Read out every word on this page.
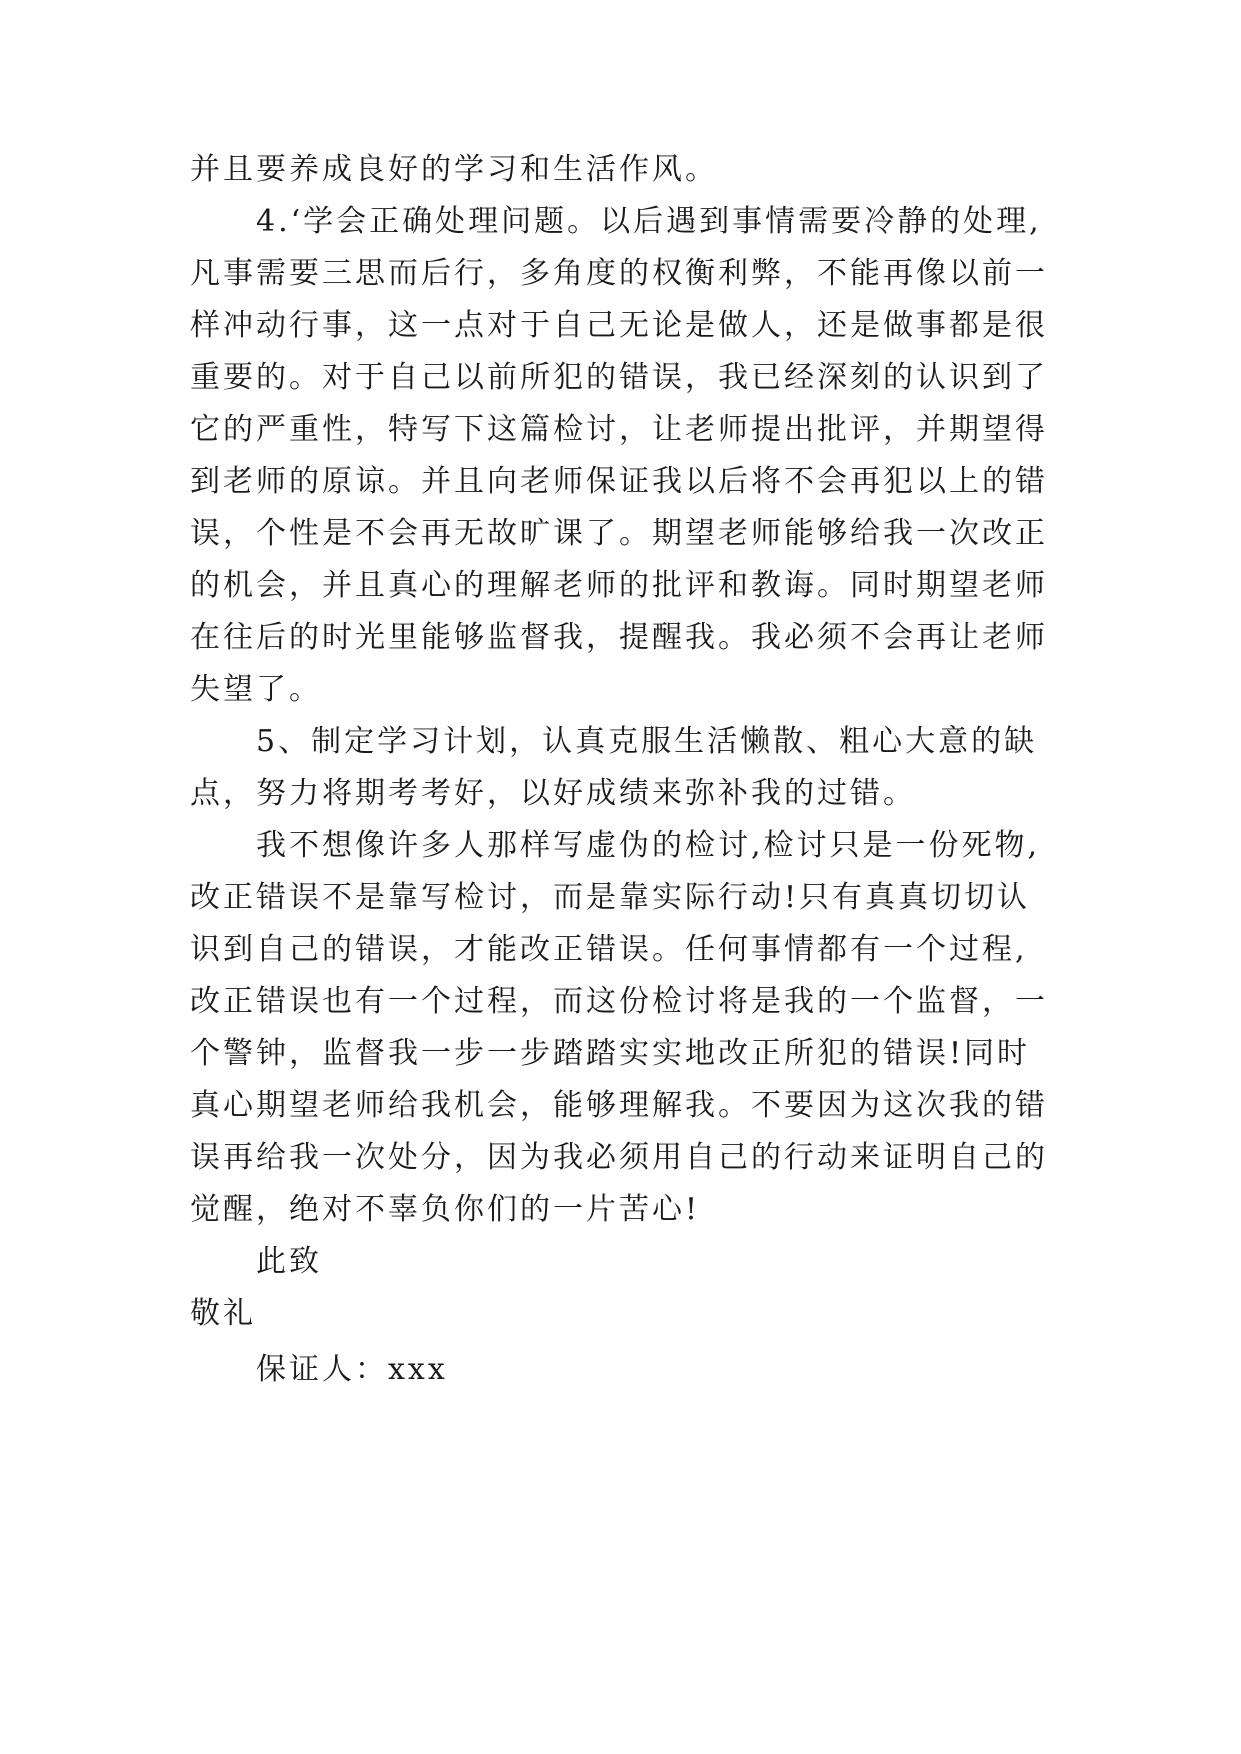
并且要养成良好的学习和生活作风。
4.‘学会正确处理问题。以后遇到事情需要冷静的处理,
凡事需要三思而后行，多角度的权衡利弊，不能再像以前一
样冲动行事，这一点对于自己无论是做人，还是做事都是很
重要的。对于自己以前所犯的错误，我已经深刻的认识到了
它的严重性，特写下这篇检讨，让老师提出批评，并期望得
到老师的原谅。并且向老师保证我以后将不会再犯以上的错
误，个性是不会再无故旷课了。期望老师能够给我一次改正
的机会，并且真心的理解老师的批评和教诲。同时期望老师
在往后的时光里能够监督我，提醒我。我必须不会再让老师
失望了。
5、制定学习计划，认真克服生活懒散、粗心大意的缺
点，努力将期考考好，以好成绩来弥补我的过错。
我不想像许多人那样写虚伪的检讨,检讨只是一份死物,
改正错误不是靠写检讨，而是靠实际行动!只有真真切切认
识到自己的错误，才能改正错误。任何事情都有一个过程,
改正错误也有一个过程，而这份检讨将是我的一个监督，一
个警钟，监督我一步一步踏踏实实地改正所犯的错误!同时
真心期望老师给我机会，能够理解我。不要因为这次我的错
误再给我一次处分，因为我必须用自己的行动来证明自己的
觉醒，绝对不辜负你们的一片苦心!
此致
敬礼
保证人：xxx
